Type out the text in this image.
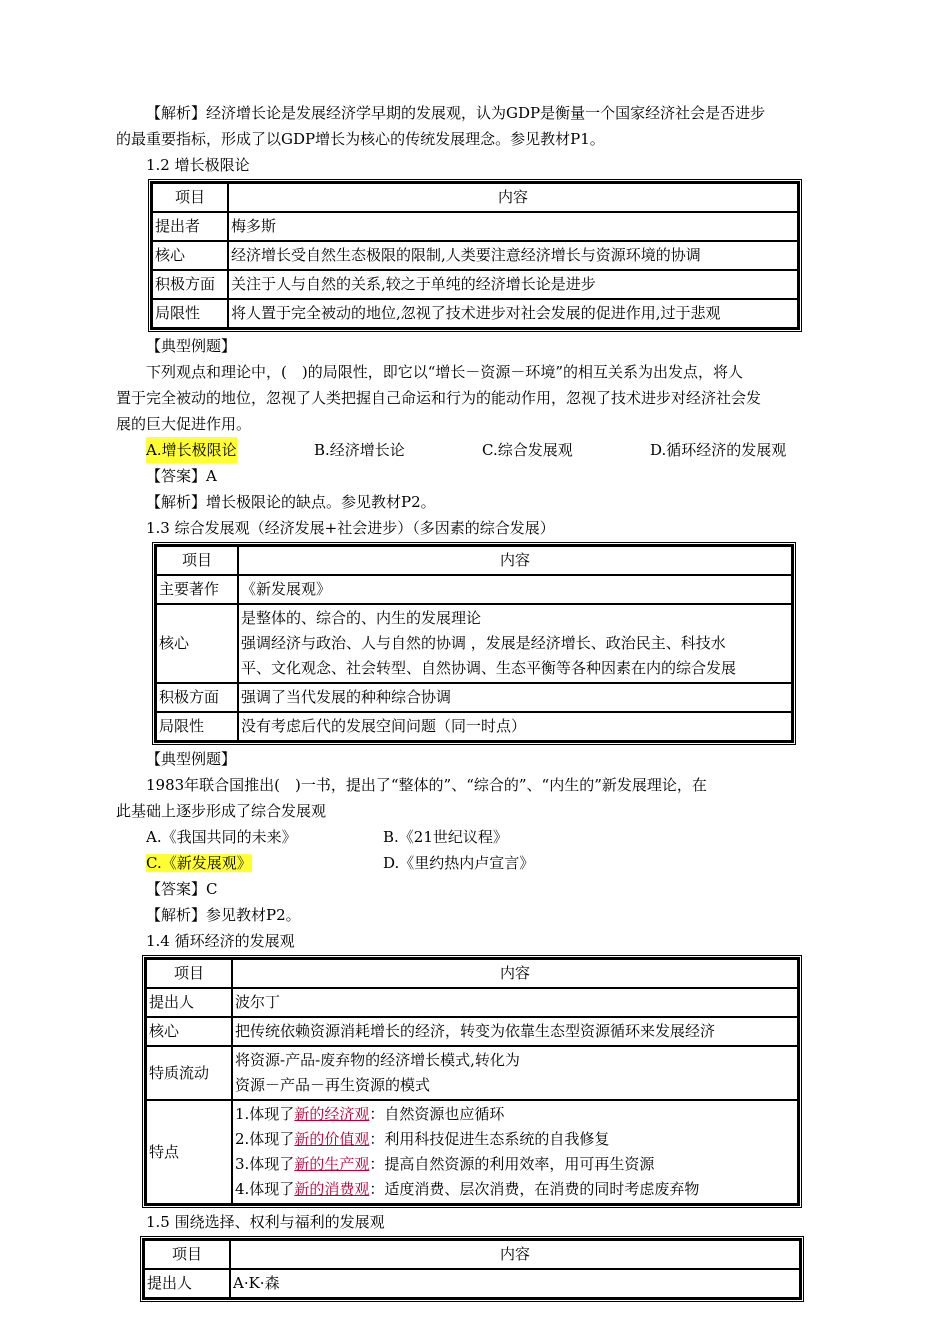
【解析】经济增长论是发展经济学早期的发展观，认为GDP是衡量一个国家经济社会是否进步

的最重要指标，形成了以GDP增长为核心的传统发展理念。参见教材P1。

1.2 增长极限论

项目	内容
提出者	梅多斯
核心	经济增长受自然生态极限的限制,人类要注意经济增长与资源环境的协调
积极方面	关注于人与自然的关系,较之于单纯的经济增长论是进步
局限性	将人置于完全被动的地位,忽视了技术进步对社会发展的促进作用,过于悲观

【典型例题】

下列观点和理论中，(　)的局限性，即它以“增长－资源－环境”的相互关系为出发点，将人

置于完全被动的地位，忽视了人类把握自己命运和行为的能动作用，忽视了技术进步对经济社会发

展的巨大促进作用。

A.增长极限论	B.经济增长论	C.综合发展观	D.循环经济的发展观

【答案】A

【解析】增长极限论的缺点。参见教材P2。

1.3 综合发展观（经济发展+社会进步）（多因素的综合发展）

项目	内容
主要著作	《新发展观》
核心	是整体的、综合的、内生的发展理论
强调经济与政治、人与自然的协调 ，发展是经济增长、政治民主、科技水
平、文化观念、社会转型、自然协调、生态平衡等各种因素在内的综合发展

积极方面	强调了当代发展的种种综合协调
局限性	没有考虑后代的发展空间问题（同一时点）

【典型例题】

1983年联合国推出(　)一书，提出了“整体的”、“综合的”、“内生的”新发展理论，在

此基础上逐步形成了综合发展观

A.《我国共同的未来》	B.《21世纪议程》
C.《新发展观》	D.《里约热内卢宣言》

【答案】C

【解析】参见教材P2。

1.4 循环经济的发展观

项目	内容
提出人	波尔丁
核心	把传统依赖资源消耗增长的经济，转变为依靠生态型资源循环来发展经济
特质流动	将资源-产品-废弃物的经济增长模式,转化为
资源－产品－再生资源的模式

特点	1.体现了新的经济观：自然资源也应循环
2.体现了新的价值观：利用科技促进生态系统的自我修复
3.体现了新的生产观：提高自然资源的利用效率，用可再生资源
4.体现了新的消费观：适度消费、层次消费，在消费的同时考虑废弃物

1.5 围绕选择、权利与福利的发展观

项目	内容
提出人	A·K·森
